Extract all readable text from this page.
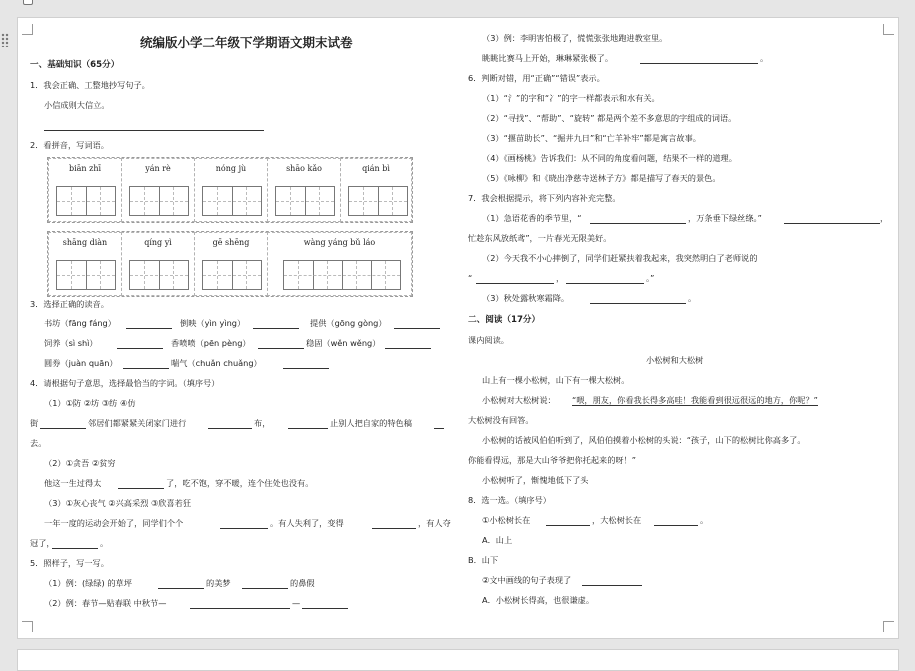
统编版小学二年级下学期语文期末试卷
一、基础知识（65分）
1．我会正确、工整地抄写句子。
小信成则大信立。
2．看拼音，写词语。
biān zhī	yán rè	nóng jù	shāo kǎo	qián bì
shāng diàn	qíng yì	gē shēng	wàng yáng bǔ láo
3．选择正确的读音。
书坊（fāng fáng）	倒映（yìn yìng）	提供（gōng gòng）
饲养（sì shì）	香喷喷（pēn pèng）	稳固（wěn wěng）
圆券（juàn quān）	喘气（chuǎn chuǎng）
4．请根据句子意思，选择最恰当的字词。（填序号）
（1）①防 ②坊 ③纺 ④仿
街	邻居们都紧紧关闭家门进行	布，	止别人把自家的特色稿
去。
（2）①贪吾 ②贫穷
他这一生过得太	了，吃不饱，穿不暖，连个住处也没有。
（3）①灰心丧气 ②兴高采烈 ③欣喜若狂
一年一度的运动会开始了，同学们个个	。有人失利了，变得	，有人夺
冠了，	。
5．照样子，写一写。
（1）例：(绿绿) 的草坪	的美梦	的鼻假
（2）例：春节—贴春联 中秋节—	—
（3）例：李明害怕极了，慌慌张张地跑进教室里。
眺眺比赛马上开始，琳琳紧张极了。	。
6．判断对错，用“正确”“错误”表示。
（1）“氵”的字和“冫”的字一样都表示和水有关。
（2）“寻找”、“帮助”、“旋转” 都是两个差不多意思的字组成的词语。
（3）“揠苗助长”、“掘井九日”和“亡羊补牢”都是寓言故事。
（4）《画杨桃》告诉我们：从不同的角度看问题，结果不一样的道理。
（5）《咏柳》和《晓出净慈寺送林子方》都是描写了春天的景色。
7．我会根据提示，将下列内容补充完整。
（1）急语花香的季节里，“	，万条垂下绿丝绦。”	，
忙趁东风放纸鸢”，一片春光无限美好。
（2）今天我不小心摔倒了，同学们赶紧扶着我起来，我突然明白了老师说的
“	，	。”
（3）秋处露秋寒霜降。	。
二、阅读（17分）
课内阅读。
小松树和大松树
山上有一棵小松树，山下有一棵大松树。
小松树对大松树说： “喂，朋友，你看我长得多高哇！我能看到很远很远的地方，你呢？”
大松树没有回答。
小松树的话被风伯伯听到了，风伯伯摸着小松树的头说：“孩子，山下的松树比你高多了。
你能看得远，那是大山爷爷把你托起来的呀！”
小松树听了，惭愧地低下了头
8．选一选。（填序号）
①小松树长在	，大松树长在	。
A．山上
B．山下
②文中画线的句子表现了
A．小松树长得高，也很谦虚。
